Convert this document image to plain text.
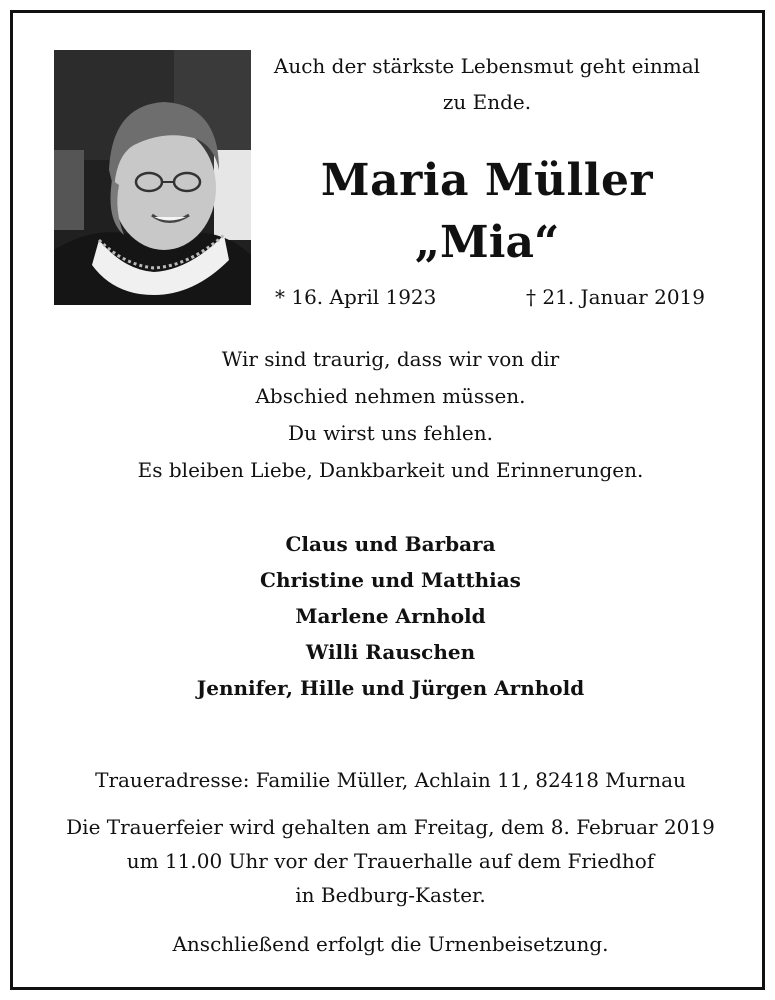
Auch der stärkste Lebensmut geht einmal
zu Ende.
Maria Müller
„Mia“
* 16. April 1923	† 21. Januar 2019
Wir sind traurig, dass wir von dir
Abschied nehmen müssen.
Du wirst uns fehlen.
Es bleiben Liebe, Dankbarkeit und Erinnerungen.
Claus und Barbara
Christine und Matthias
Marlene Arnhold
Willi Rauschen
Jennifer, Hille und Jürgen Arnhold
Traueradresse: Familie Müller, Achlain 11, 82418 Murnau
Die Trauerfeier wird gehalten am Freitag, dem 8. Februar 2019
um 11.00 Uhr vor der Trauerhalle auf dem Friedhof
in Bedburg-Kaster.
Anschließend erfolgt die Urnenbeisetzung.
